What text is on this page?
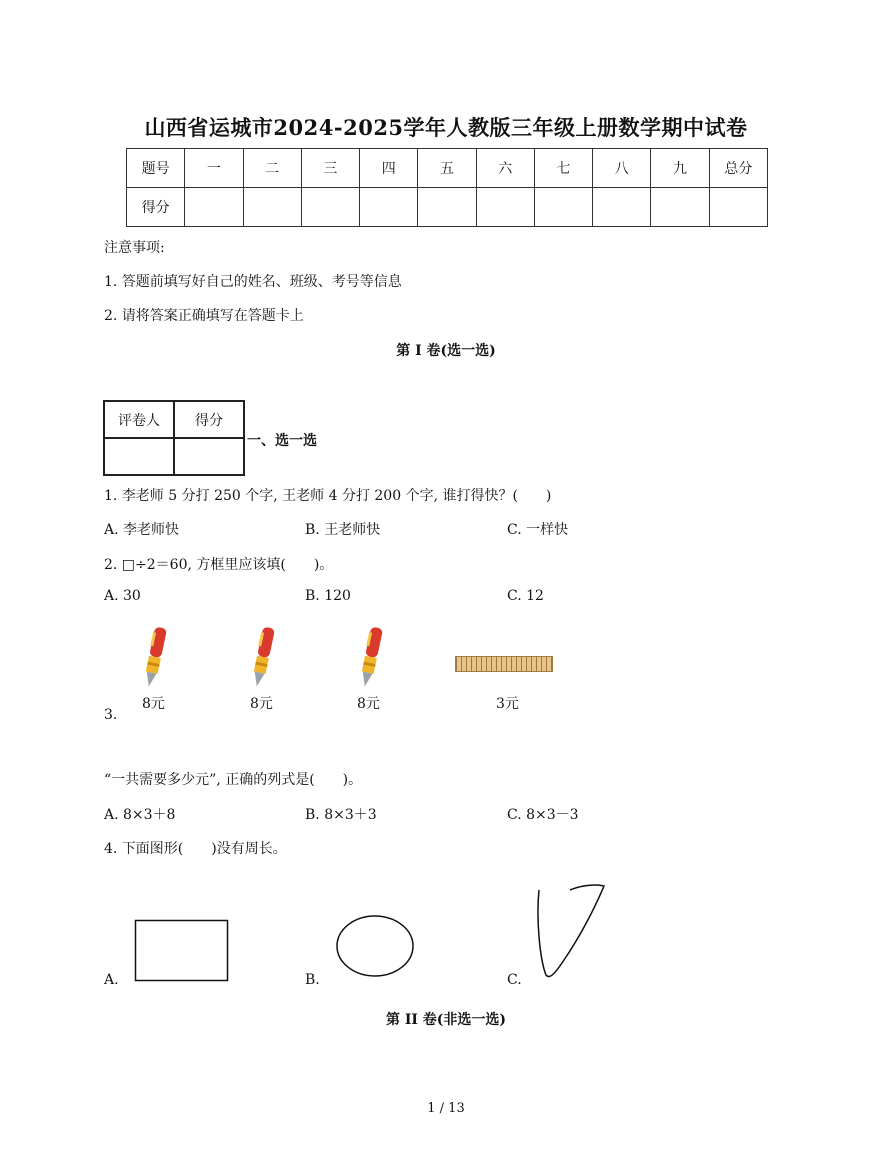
山西省运城市2024-2025学年人教版三年级上册数学期中试卷
题号	一	二	三	四	五	六	七	八	九	总分
得分										
注意事项:
1. 答题前填写好自己的姓名、班级、考号等信息
2. 请将答案正确填写在答题卡上
第 I 卷(选一选)
评卷人	得分

一、选一选
1. 李老师 5 分打 250 个字, 王老师 4 分打 200 个字, 谁打得快？(　　)
A. 李老师快	B. 王老师快	C. 一样快
2. □÷2＝60, 方框里应该填(　　)。
A. 30	B. 120	C. 12
8元	8元	8元	3元
3.
“一共需要多少元”, 正确的列式是(　　)。
A. 8×3＋8	B. 8×3＋3	C. 8×3－3
4. 下面图形(　　)没有周长。
A.	B.	C.
第 II 卷(非选一选)
1 / 13
